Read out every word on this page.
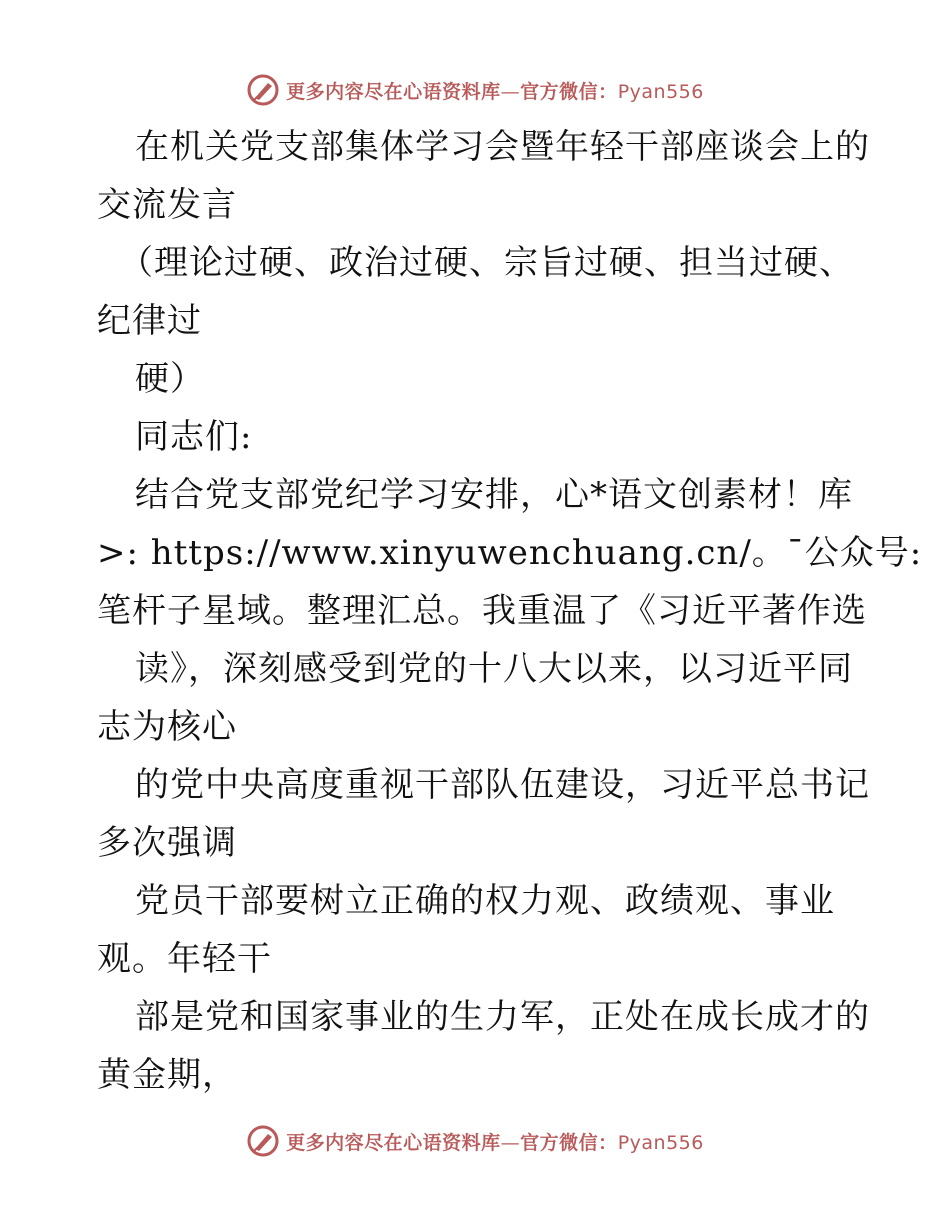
更多内容尽在心语资料库—官方微信：Pyan556
在机关党支部集体学习会暨年轻干部座谈会上的
交流发言
（理论过硬、政治过硬、宗旨过硬、担当过硬、
纪律过
硬）
同志们:
结合党支部党纪学习安排，心*语文创素材！库
>: https://www.xinyuwenchuang.cn/。¯公众号:
笔杆子星域。整理汇总。我重温了《习近平著作选
读》，深刻感受到党的十八大以来，以习近平同
志为核心
的党中央高度重视干部队伍建设，习近平总书记
多次强调
党员干部要树立正确的权力观、政绩观、事业
观。年轻干
部是党和国家事业的生力军，正处在成长成才的
黄金期，
更多内容尽在心语资料库—官方微信：Pyan556
